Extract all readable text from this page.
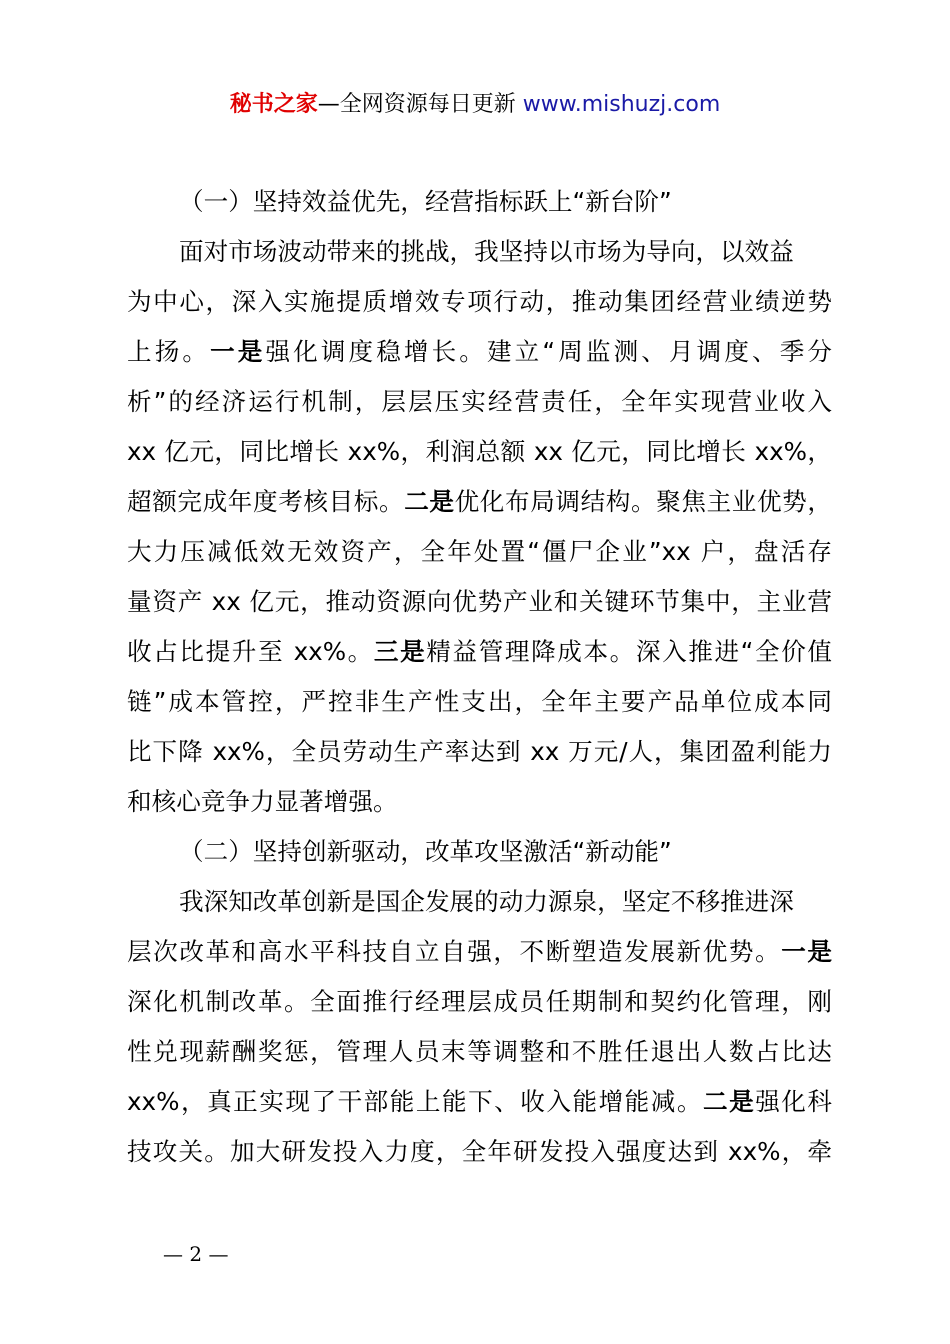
秘书之家—全网资源每日更新 www.mishuzj.com
（一）坚持效益优先，经营指标跃上“新台阶”
面对市场波动带来的挑战，我坚持以市场为导向，以效益
为中心，深入实施提质增效专项行动，推动集团经营业绩逆势
上扬。一是强化调度稳增长。建立“周监测、月调度、季分
析”的经济运行机制，层层压实经营责任，全年实现营业收入
xx 亿元，同比增长 xx%，利润总额 xx 亿元，同比增长 xx%，
超额完成年度考核目标。二是优化布局调结构。聚焦主业优势，
大力压减低效无效资产，全年处置“僵尸企业”xx 户，盘活存
量资产 xx 亿元，推动资源向优势产业和关键环节集中，主业营
收占比提升至 xx%。三是精益管理降成本。深入推进“全价值
链”成本管控，严控非生产性支出，全年主要产品单位成本同
比下降 xx%，全员劳动生产率达到 xx 万元/人，集团盈利能力
和核心竞争力显著增强。
（二）坚持创新驱动，改革攻坚激活“新动能”
我深知改革创新是国企发展的动力源泉，坚定不移推进深
层次改革和高水平科技自立自强，不断塑造发展新优势。一是
深化机制改革。全面推行经理层成员任期制和契约化管理，刚
性兑现薪酬奖惩，管理人员末等调整和不胜任退出人数占比达
xx%，真正实现了干部能上能下、收入能增能减。二是强化科
技攻关。加大研发投入力度，全年研发投入强度达到 xx%，牵
— 2 —
